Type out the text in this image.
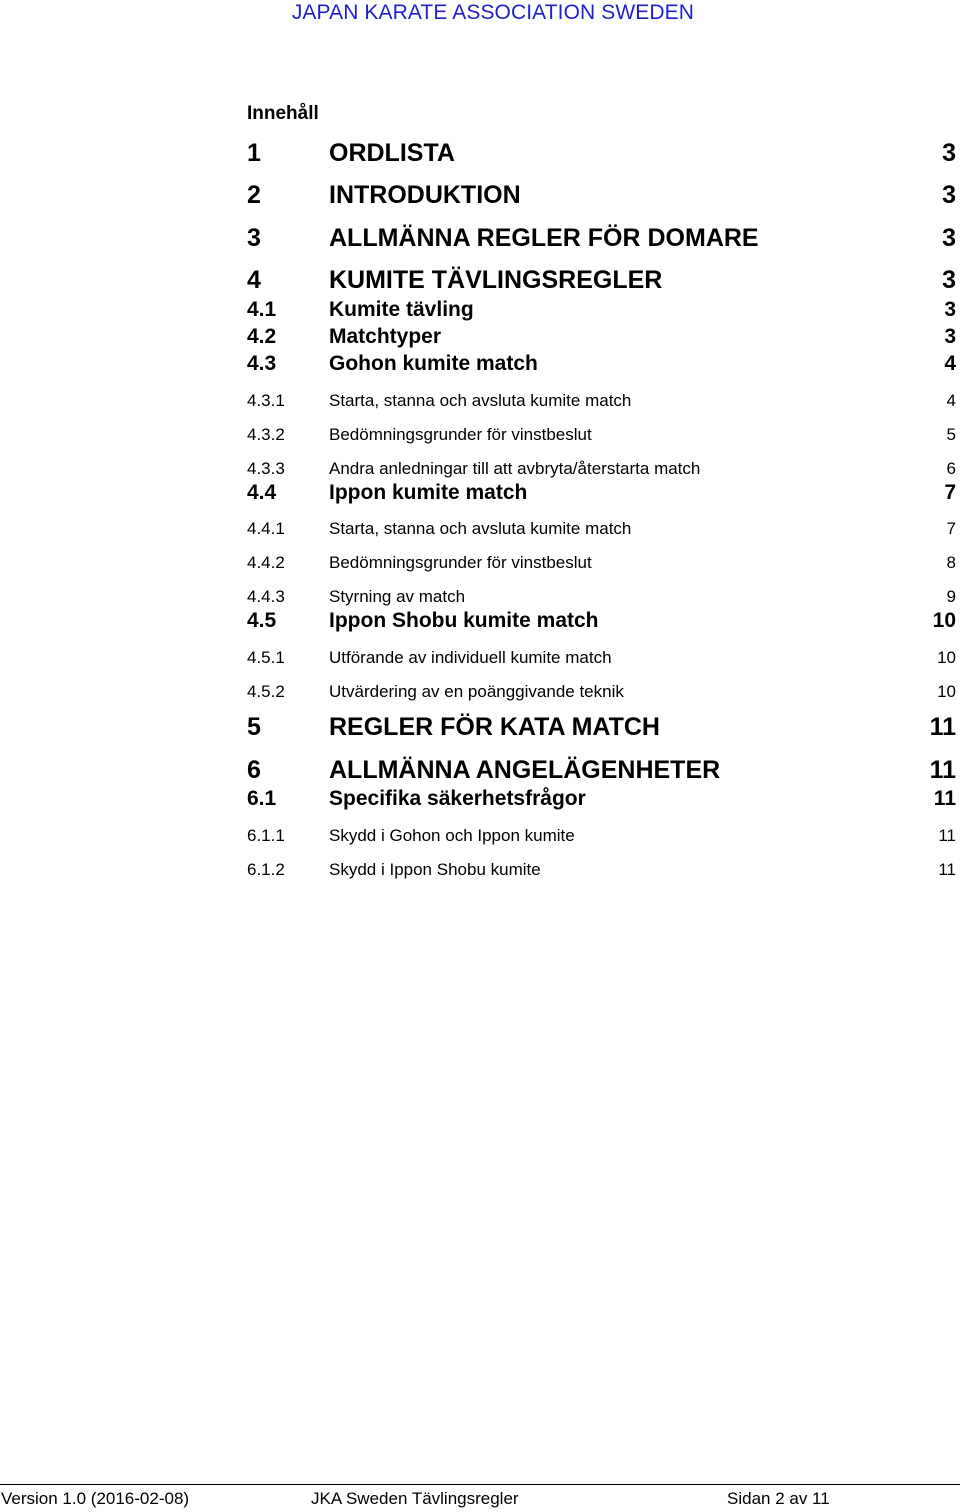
JAPAN KARATE ASSOCIATION SWEDEN
Innehåll
1	ORDLISTA	3
2	INTRODUKTION	3
3	ALLMÄNNA REGLER FÖR DOMARE	3
4	KUMITE TÄVLINGSREGLER	3
4.1	Kumite tävling	3
4.2	Matchtyper	3
4.3	Gohon kumite match	4
4.3.1	Starta, stanna och avsluta kumite match	4
4.3.2	Bedömningsgrunder för vinstbeslut	5
4.3.3	Andra anledningar till att avbryta/återstarta match	6
4.4	Ippon kumite match	7
4.4.1	Starta, stanna och avsluta kumite match	7
4.4.2	Bedömningsgrunder för vinstbeslut	8
4.4.3	Styrning av match	9
4.5	Ippon Shobu kumite match	10
4.5.1	Utförande av individuell kumite match	10
4.5.2	Utvärdering av en poänggivande teknik	10
5	REGLER FÖR KATA MATCH	11
6	ALLMÄNNA ANGELÄGENHETER	11
6.1	Specifika säkerhetsfrågor	11
6.1.1	Skydd i Gohon och Ippon kumite	11
6.1.2	Skydd i Ippon Shobu kumite	11
Version 1.0 (2016-02-08)	JKA Sweden Tävlingsregler	Sidan 2 av 11
